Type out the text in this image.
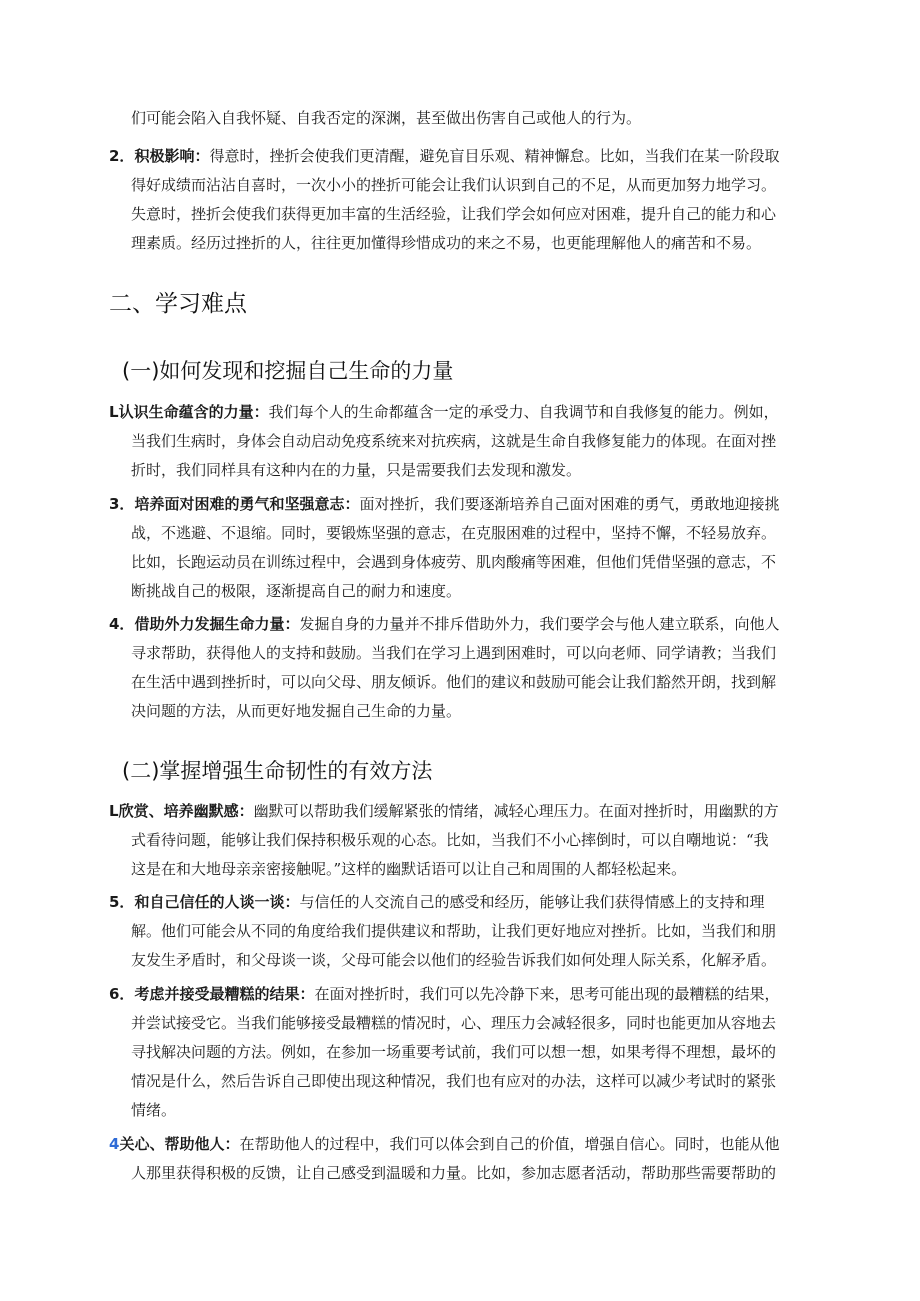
们可能会陷入自我怀疑、自我否定的深渊，甚至做出伤害自己或他人的行为。
2．积极影响：得意时，挫折会使我们更清醒，避免盲目乐观、精神懈怠。比如，当我们在某一阶段取
得好成绩而沾沾自喜时，一次小小的挫折可能会让我们认识到自己的不足，从而更加努力地学习。
失意时，挫折会使我们获得更加丰富的生活经验，让我们学会如何应对困难，提升自己的能力和心
理素质。经历过挫折的人，往往更加懂得珍惜成功的来之不易，也更能理解他人的痛苦和不易。
二、学习难点
(一)如何发现和挖掘自己生命的力量
L认识生命蕴含的力量：我们每个人的生命都蕴含一定的承受力、自我调节和自我修复的能力。例如，
当我们生病时，身体会自动启动免疫系统来对抗疾病，这就是生命自我修复能力的体现。在面对挫
折时，我们同样具有这种内在的力量，只是需要我们去发现和激发。
3．培养面对困难的勇气和坚强意志：面对挫折，我们要逐渐培养自己面对困难的勇气，勇敢地迎接挑
战，不逃避、不退缩。同时，要锻炼坚强的意志，在克服困难的过程中，坚持不懈，不轻易放弃。
比如，长跑运动员在训练过程中，会遇到身体疲劳、肌肉酸痛等困难，但他们凭借坚强的意志，不
断挑战自己的极限，逐渐提高自己的耐力和速度。
4．借助外力发掘生命力量：发掘自身的力量并不排斥借助外力，我们要学会与他人建立联系，向他人
寻求帮助，获得他人的支持和鼓励。当我们在学习上遇到困难时，可以向老师、同学请教；当我们
在生活中遇到挫折时，可以向父母、朋友倾诉。他们的建议和鼓励可能会让我们豁然开朗，找到解
决问题的方法，从而更好地发掘自己生命的力量。
(二)掌握增强生命韧性的有效方法
L欣赏、培养幽默感：幽默可以帮助我们缓解紧张的情绪，减轻心理压力。在面对挫折时，用幽默的方
式看待问题，能够让我们保持积极乐观的心态。比如，当我们不小心摔倒时，可以自嘲地说：“我
这是在和大地母亲亲密接触呢。”这样的幽默话语可以让自己和周围的人都轻松起来。
5．和自己信任的人谈一谈：与信任的人交流自己的感受和经历，能够让我们获得情感上的支持和理
解。他们可能会从不同的角度给我们提供建议和帮助，让我们更好地应对挫折。比如，当我们和朋
友发生矛盾时，和父母谈一谈，父母可能会以他们的经验告诉我们如何处理人际关系，化解矛盾。
6．考虑并接受最糟糕的结果：在面对挫折时，我们可以先冷静下来，思考可能出现的最糟糕的结果，
并尝试接受它。当我们能够接受最糟糕的情况时，心、理压力会减轻很多，同时也能更加从容地去
寻找解决问题的方法。例如，在参加一场重要考试前，我们可以想一想，如果考得不理想，最坏的
情况是什么，然后告诉自己即使出现这种情况，我们也有应对的办法，这样可以减少考试时的紧张
情绪。
4关心、帮助他人：在帮助他人的过程中，我们可以体会到自己的价值，增强自信心。同时，也能从他
人那里获得积极的反馈，让自己感受到温暖和力量。比如，参加志愿者活动，帮助那些需要帮助的
